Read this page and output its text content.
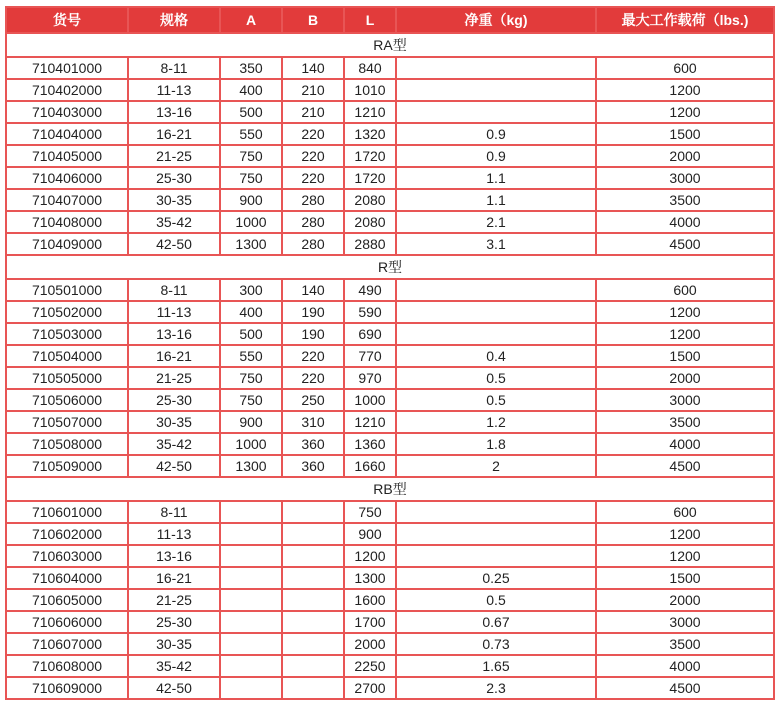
货号	规格	A	B	L	净重（kg)	最大工作载荷（lbs.)
RA型						
710401000	8-11	350	140	840		600
710402000	11-13	400	210	1010		1200
710403000	13-16	500	210	1210		1200
710404000	16-21	550	220	1320	0.9	1500
710405000	21-25	750	220	1720	0.9	2000
710406000	25-30	750	220	1720	1.1	3000
710407000	30-35	900	280	2080	1.1	3500
710408000	35-42	1000	280	2080	2.1	4000
710409000	42-50	1300	280	2880	3.1	4500
R型						
710501000	8-11	300	140	490		600
710502000	11-13	400	190	590		1200
710503000	13-16	500	190	690		1200
710504000	16-21	550	220	770	0.4	1500
710505000	21-25	750	220	970	0.5	2000
710506000	25-30	750	250	1000	0.5	3000
710507000	30-35	900	310	1210	1.2	3500
710508000	35-42	1000	360	1360	1.8	4000
710509000	42-50	1300	360	1660	2	4500
RB型						
710601000	8-11			750		600
710602000	11-13			900		1200
710603000	13-16			1200		1200
710604000	16-21			1300	0.25	1500
710605000	21-25			1600	0.5	2000
710606000	25-30			1700	0.67	3000
710607000	30-35			2000	0.73	3500
710608000	35-42			2250	1.65	4000
710609000	42-50			2700	2.3	4500
